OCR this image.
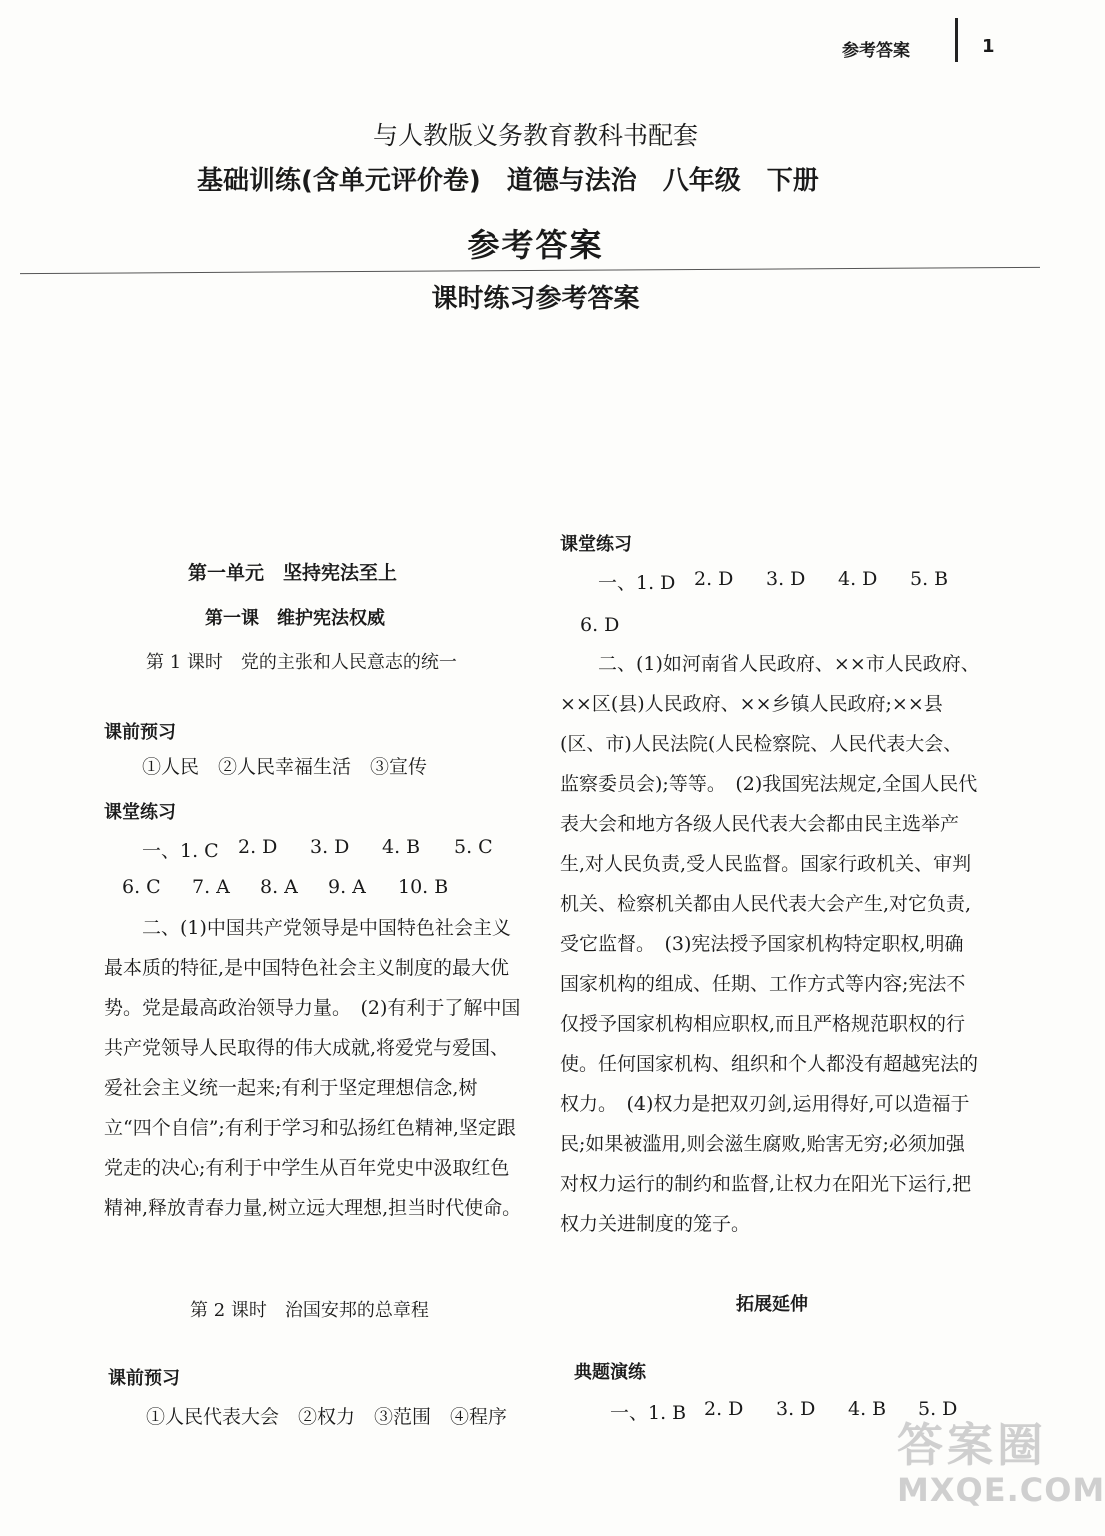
参考答案	1
与人教版义务教育教科书配套
基础训练(含单元评价卷)　道德与法治　八年级　下册
参考答案
课时练习参考答案
第一单元　坚持宪法至上
第一课　维护宪法权威
第 1 课时　党的主张和人民意志的统一
课前预习
①人民　②人民幸福生活　③宣传
课堂练习
一、1. C 2. D 3. D 4. B 5. C
6. C 7. A 8. A 9. A 10. B
二、(1)中国共产党领导是中国特色社会主义最本质的特征,是中国特色社会主义制度的最大优势。党是最高政治领导力量。　(2)有利于了解中国共产党领导人民取得的伟大成就,将爱党与爱国、爱社会主义统一起来;有利于坚定理想信念,树立“四个自信”;有利于学习和弘扬红色精神,坚定跟党走的决心;有利于中学生从百年党史中汲取红色精神,释放青春力量,树立远大理想,担当时代使命。
第 2 课时　治国安邦的总章程
课前预习
①人民代表大会　②权力　③范围　④程序
课堂练习
一、1. D 2. D 3. D 4. D 5. B
6. D
二、(1)如河南省人民政府、××市人民政府、××区(县)人民政府、××乡镇人民政府;××县(区、市)人民法院(人民检察院、人民代表大会、监察委员会);等等。　(2)我国宪法规定,全国人民代表大会和地方各级人民代表大会都由民主选举产生,对人民负责,受人民监督。国家行政机关、审判机关、检察机关都由人民代表大会产生,对它负责,受它监督。　(3)宪法授予国家机构特定职权,明确国家机构的组成、任期、工作方式等内容;宪法不仅授予国家机构相应职权,而且严格规范职权的行使。任何国家机构、组织和个人都没有超越宪法的权力。　(4)权力是把双刃剑,运用得好,可以造福于民;如果被滥用,则会滋生腐败,贻害无穷;必须加强对权力运行的制约和监督,让权力在阳光下运行,把权力关进制度的笼子。
拓展延伸
典题演练
一、1. B 2. D 3. D 4. B 5. D
答案圈
MXQE.COM
